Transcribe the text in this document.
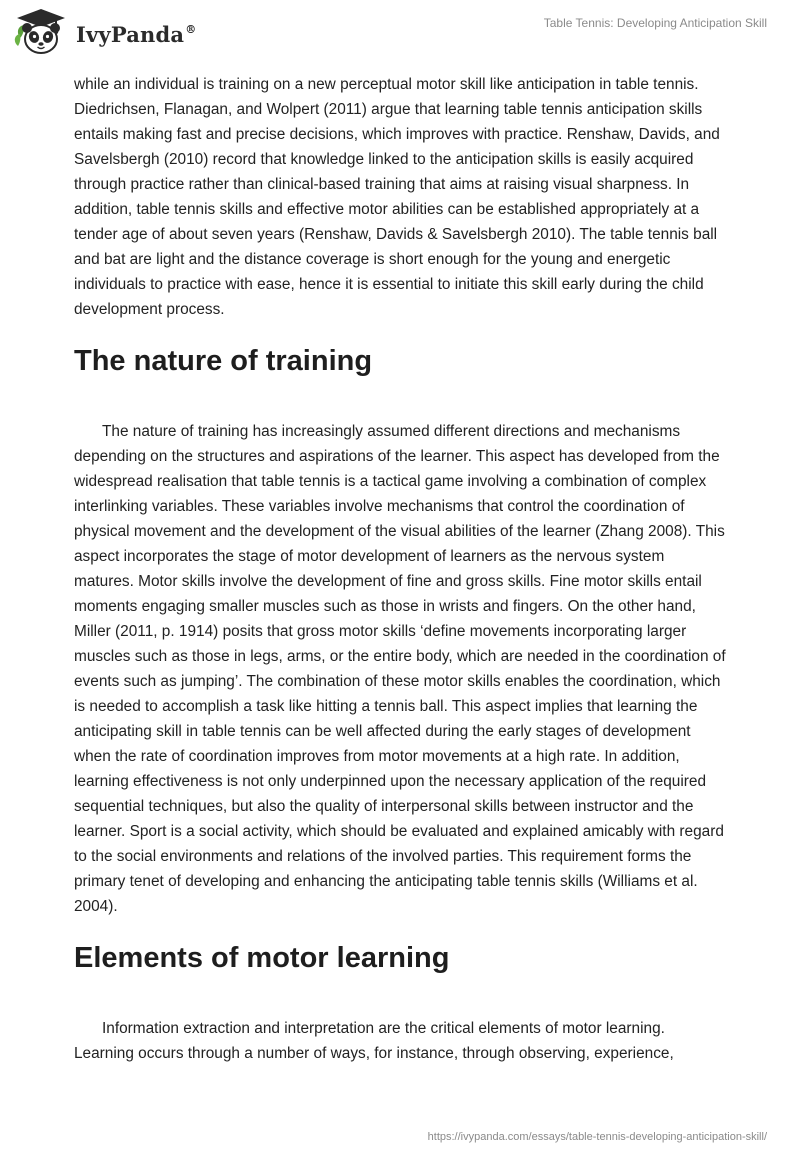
IvyPanda®	Table Tennis: Developing Anticipation Skill

while an individual is training on a new perceptual motor skill like anticipation in table tennis. Diedrichsen, Flanagan, and Wolpert (2011) argue that learning table tennis anticipation skills entails making fast and precise decisions, which improves with practice. Renshaw, Davids, and Savelsbergh (2010) record that knowledge linked to the anticipation skills is easily acquired through practice rather than clinical-based training that aims at raising visual sharpness. In addition, table tennis skills and effective motor abilities can be established appropriately at a tender age of about seven years (Renshaw, Davids & Savelsbergh 2010). The table tennis ball and bat are light and the distance coverage is short enough for the young and energetic individuals to practice with ease, hence it is essential to initiate this skill early during the child development process.

The nature of training

The nature of training has increasingly assumed different directions and mechanisms depending on the structures and aspirations of the learner. This aspect has developed from the widespread realisation that table tennis is a tactical game involving a combination of complex interlinking variables. These variables involve mechanisms that control the coordination of physical movement and the development of the visual abilities of the learner (Zhang 2008). This aspect incorporates the stage of motor development of learners as the nervous system matures. Motor skills involve the development of fine and gross skills. Fine motor skills entail moments engaging smaller muscles such as those in wrists and fingers. On the other hand, Miller (2011, p. 1914) posits that gross motor skills ‘define movements incorporating larger muscles such as those in legs, arms, or the entire body, which are needed in the coordination of events such as jumping’. The combination of these motor skills enables the coordination, which is needed to accomplish a task like hitting a tennis ball. This aspect implies that learning the anticipating skill in table tennis can be well affected during the early stages of development when the rate of coordination improves from motor movements at a high rate. In addition, learning effectiveness is not only underpinned upon the necessary application of the required sequential techniques, but also the quality of interpersonal skills between instructor and the learner. Sport is a social activity, which should be evaluated and explained amicably with regard to the social environments and relations of the involved parties. This requirement forms the primary tenet of developing and enhancing the anticipating table tennis skills (Williams et al. 2004).

Elements of motor learning

Information extraction and interpretation are the critical elements of motor learning. Learning occurs through a number of ways, for instance, through observing, experience,

https://ivypanda.com/essays/table-tennis-developing-anticipation-skill/
